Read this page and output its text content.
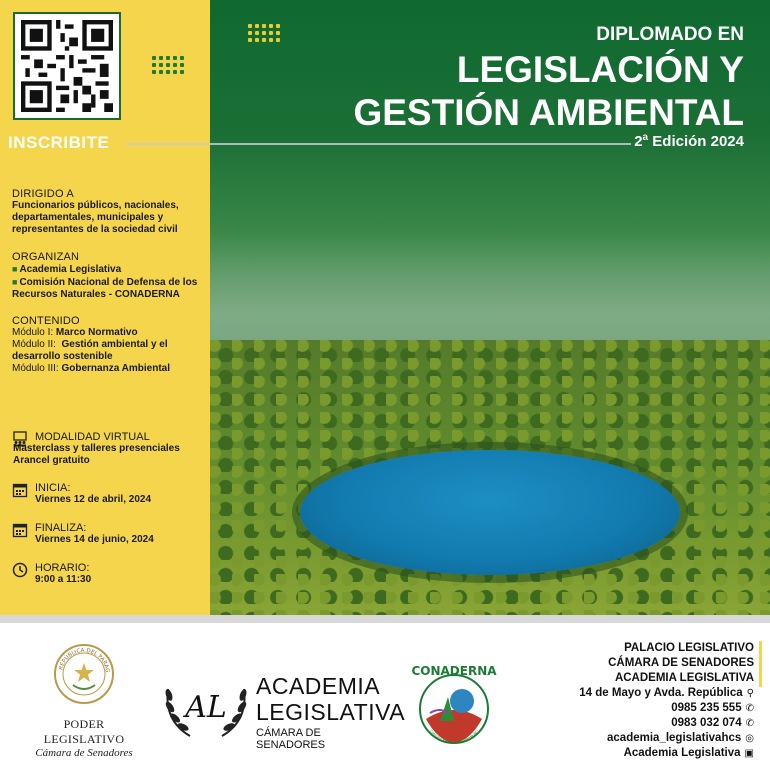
DIPLOMADO EN
LEGISLACIÓN Y
GESTIÓN AMBIENTAL
2$^a$ Edición 2024
INSCRIBITE
DIRIGIDO A
Funcionarios públicos, nacionales, departamentales, municipales y representantes de la sociedad civil
ORGANIZAN
■ Academia Legislativa
■ Comisión Nacional de Defensa de los Recursos Naturales - CONADERNA
CONTENIDO
Módulo I: Marco Normativo
Módulo II: Gestión ambiental y el desarrollo sostenible
Módulo III: Gobernanza Ambiental
MODALIDAD VIRTUAL
Masterclass y talleres presenciales
Arancel gratuito
INICIA:
Viernes 12 de abril, 2024
FINALIZA:
Viernes 14 de junio, 2024
HORARIO:
9:00 a 11:30
REPÚBLICA DEL PARAG
PODER LEGISLATIVO
Cámara de Senadores
AL
ACADEMIA
LEGISLATIVA
CÁMARA DE SENADORES
CONADERNA
Comisión Nacional de Defensa de l
PALACIO LEGISLATIVO
CÁMARA DE SENADORES
ACADEMIA LEGISLATIVA
14 de Mayo y Avda. República ⚲
0985 235 555 ✆
0983 032 074 ✆
academia_legislativahcs ◎
Academia Legislativa ▣
